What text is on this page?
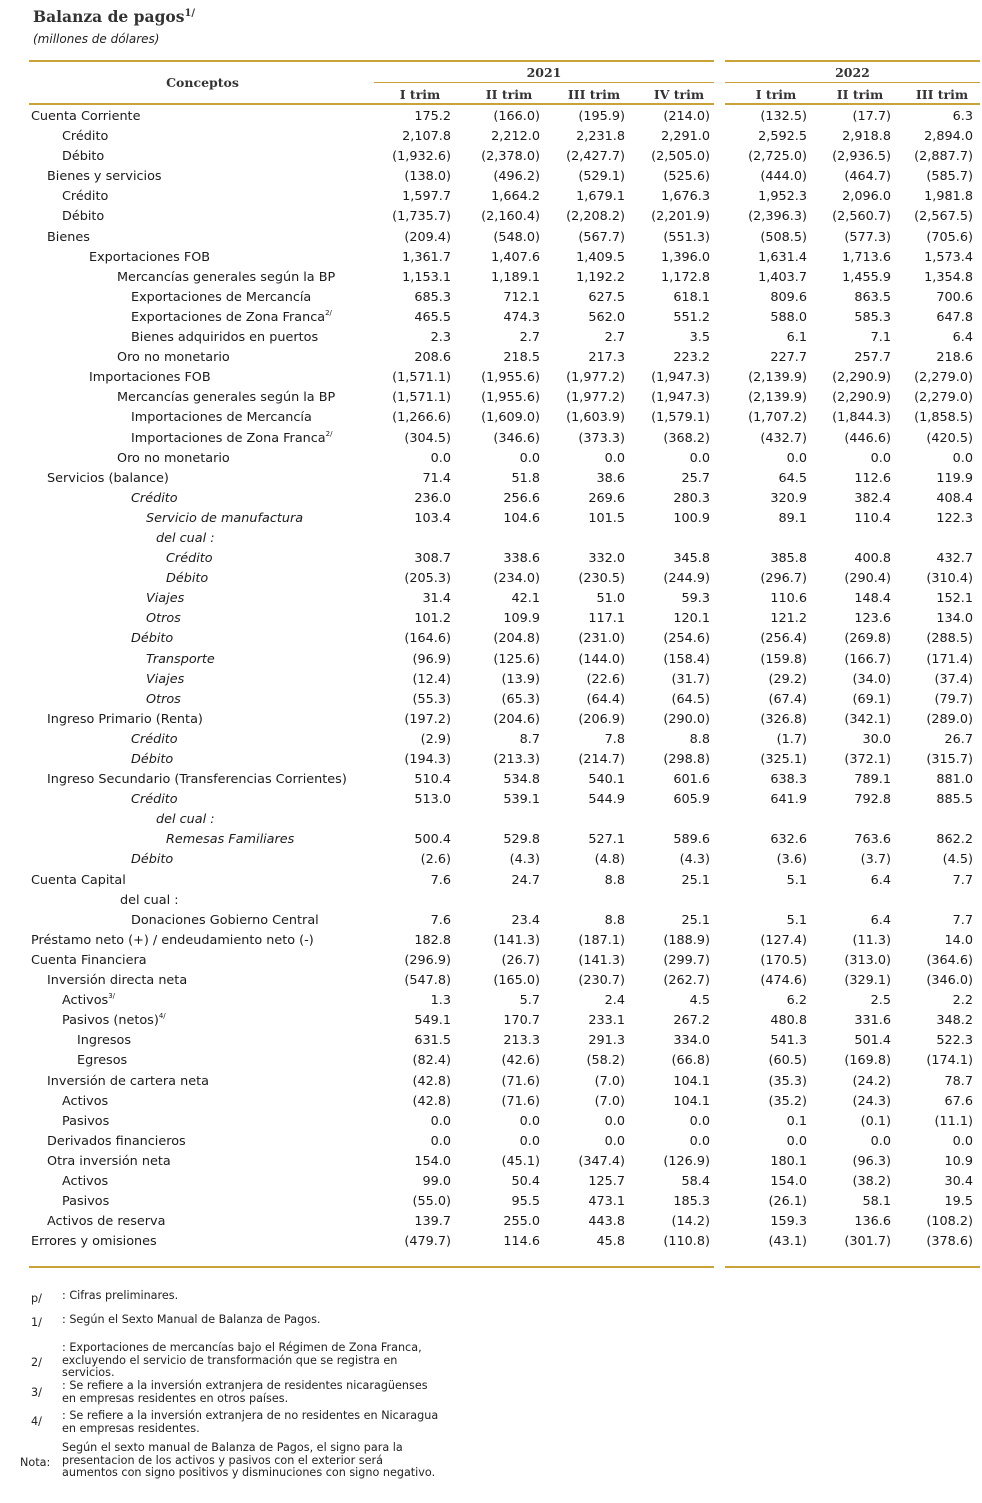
Balanza de pagos$^{1/}$
(millones de dólares)
Conceptos
2021	2022
I trim	II trim	III trim	IV trim	I trim	II trim	III trim
Cuenta Corriente	175.2	(166.0)	(195.9)	(214.0)	(132.5)	(17.7)	6.3
Crédito	2,107.8	2,212.0	2,231.8	2,291.0	2,592.5	2,918.8	2,894.0
Débito	(1,932.6)	(2,378.0)	(2,427.7)	(2,505.0)	(2,725.0)	(2,936.5)	(2,887.7)
Bienes y servicios	(138.0)	(496.2)	(529.1)	(525.6)	(444.0)	(464.7)	(585.7)
Crédito	1,597.7	1,664.2	1,679.1	1,676.3	1,952.3	2,096.0	1,981.8
Débito	(1,735.7)	(2,160.4)	(2,208.2)	(2,201.9)	(2,396.3)	(2,560.7)	(2,567.5)
Bienes	(209.4)	(548.0)	(567.7)	(551.3)	(508.5)	(577.3)	(705.6)
Exportaciones FOB	1,361.7	1,407.6	1,409.5	1,396.0	1,631.4	1,713.6	1,573.4
Mercancías generales según la BP	1,153.1	1,189.1	1,192.2	1,172.8	1,403.7	1,455.9	1,354.8
Exportaciones de Mercancía	685.3	712.1	627.5	618.1	809.6	863.5	700.6
Exportaciones de Zona Franca$^{2/}$	465.5	474.3	562.0	551.2	588.0	585.3	647.8
Bienes adquiridos en puertos	2.3	2.7	2.7	3.5	6.1	7.1	6.4
Oro no monetario	208.6	218.5	217.3	223.2	227.7	257.7	218.6
Importaciones FOB	(1,571.1)	(1,955.6)	(1,977.2)	(1,947.3)	(2,139.9)	(2,290.9)	(2,279.0)
Mercancías generales según la BP	(1,571.1)	(1,955.6)	(1,977.2)	(1,947.3)	(2,139.9)	(2,290.9)	(2,279.0)
Importaciones de Mercancía	(1,266.6)	(1,609.0)	(1,603.9)	(1,579.1)	(1,707.2)	(1,844.3)	(1,858.5)
Importaciones de Zona Franca$^{2/}$	(304.5)	(346.6)	(373.3)	(368.2)	(432.7)	(446.6)	(420.5)
Oro no monetario	0.0	0.0	0.0	0.0	0.0	0.0	0.0
Servicios (balance)	71.4	51.8	38.6	25.7	64.5	112.6	119.9
Crédito	236.0	256.6	269.6	280.3	320.9	382.4	408.4
Servicio de manufactura	103.4	104.6	101.5	100.9	89.1	110.4	122.3
del cual :
Crédito	308.7	338.6	332.0	345.8	385.8	400.8	432.7
Débito	(205.3)	(234.0)	(230.5)	(244.9)	(296.7)	(290.4)	(310.4)
Viajes	31.4	42.1	51.0	59.3	110.6	148.4	152.1
Otros	101.2	109.9	117.1	120.1	121.2	123.6	134.0
Débito	(164.6)	(204.8)	(231.0)	(254.6)	(256.4)	(269.8)	(288.5)
Transporte	(96.9)	(125.6)	(144.0)	(158.4)	(159.8)	(166.7)	(171.4)
Viajes	(12.4)	(13.9)	(22.6)	(31.7)	(29.2)	(34.0)	(37.4)
Otros	(55.3)	(65.3)	(64.4)	(64.5)	(67.4)	(69.1)	(79.7)
Ingreso Primario (Renta)	(197.2)	(204.6)	(206.9)	(290.0)	(326.8)	(342.1)	(289.0)
Crédito	(2.9)	8.7	7.8	8.8	(1.7)	30.0	26.7
Débito	(194.3)	(213.3)	(214.7)	(298.8)	(325.1)	(372.1)	(315.7)
Ingreso Secundario (Transferencias Corrientes)	510.4	534.8	540.1	601.6	638.3	789.1	881.0
Crédito	513.0	539.1	544.9	605.9	641.9	792.8	885.5
del cual :
Remesas Familiares	500.4	529.8	527.1	589.6	632.6	763.6	862.2
Débito	(2.6)	(4.3)	(4.8)	(4.3)	(3.6)	(3.7)	(4.5)
Cuenta Capital	7.6	24.7	8.8	25.1	5.1	6.4	7.7
del cual :
Donaciones Gobierno Central	7.6	23.4	8.8	25.1	5.1	6.4	7.7
Préstamo neto (+) / endeudamiento neto (-)	182.8	(141.3)	(187.1)	(188.9)	(127.4)	(11.3)	14.0
Cuenta Financiera	(296.9)	(26.7)	(141.3)	(299.7)	(170.5)	(313.0)	(364.6)
Inversión directa neta	(547.8)	(165.0)	(230.7)	(262.7)	(474.6)	(329.1)	(346.0)
Activos$^{3/}$	1.3	5.7	2.4	4.5	6.2	2.5	2.2
Pasivos (netos)$^{4/}$	549.1	170.7	233.1	267.2	480.8	331.6	348.2
Ingresos	631.5	213.3	291.3	334.0	541.3	501.4	522.3
Egresos	(82.4)	(42.6)	(58.2)	(66.8)	(60.5)	(169.8)	(174.1)
Inversión de cartera neta	(42.8)	(71.6)	(7.0)	104.1	(35.3)	(24.2)	78.7
Activos	(42.8)	(71.6)	(7.0)	104.1	(35.2)	(24.3)	67.6
Pasivos	0.0	0.0	0.0	0.0	0.1	(0.1)	(11.1)
Derivados financieros	0.0	0.0	0.0	0.0	0.0	0.0	0.0
Otra inversión neta	154.0	(45.1)	(347.4)	(126.9)	180.1	(96.3)	10.9
Activos	99.0	50.4	125.7	58.4	154.0	(38.2)	30.4
Pasivos	(55.0)	95.5	473.1	185.3	(26.1)	58.1	19.5
Activos de reserva	139.7	255.0	443.8	(14.2)	159.3	136.6	(108.2)
Errores y omisiones	(479.7)	114.6	45.8	(110.8)	(43.1)	(301.7)	(378.6)
p/ : Cifras preliminares.
1/ : Según el Sexto Manual de Balanza de Pagos.
2/
: Exportaciones de mercancías bajo el Régimen de Zona Franca, excluyendo el servicio de transformación que se registra en servicios.
3/
: Se refiere a la inversión extranjera de residentes nicaragüenses en empresas residentes en otros países.
4/ : Se refiere a la inversión extranjera de no residentes en Nicaragua en empresas residentes.
Nota:
Según el sexto manual de Balanza de Pagos, el signo para la presentacion de los activos y pasivos con el exterior será aumentos con signo positivos y disminuciones con signo negativo.
